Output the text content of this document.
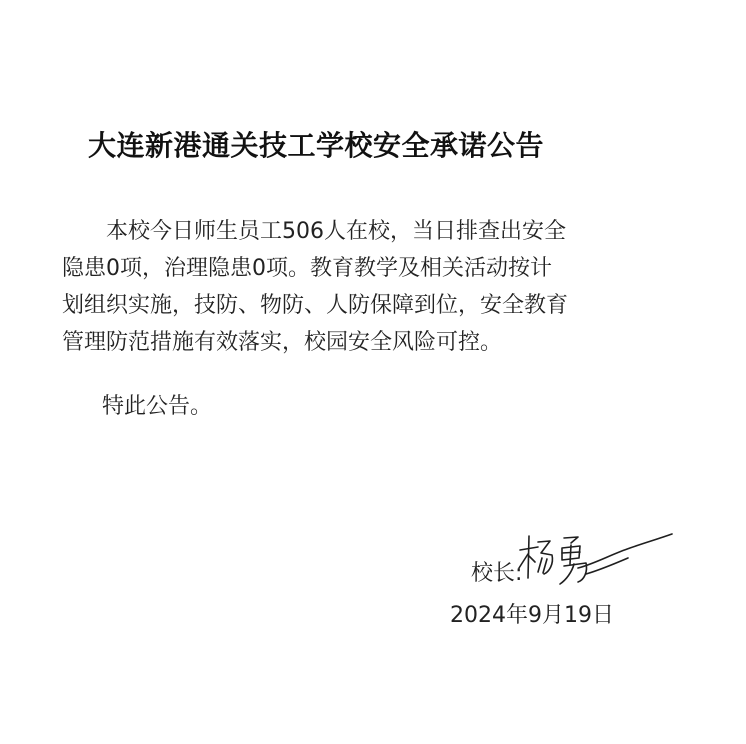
大连新港通关技工学校安全承诺公告
　　本校今日师生员工506人在校，当日排查出安全
隐患0项，治理隐患0项。教育教学及相关活动按计
划组织实施，技防、物防、人防保障到位，安全教育
管理防范措施有效落实，校园安全风险可控。
特此公告。
校长:
2024年9月19日
